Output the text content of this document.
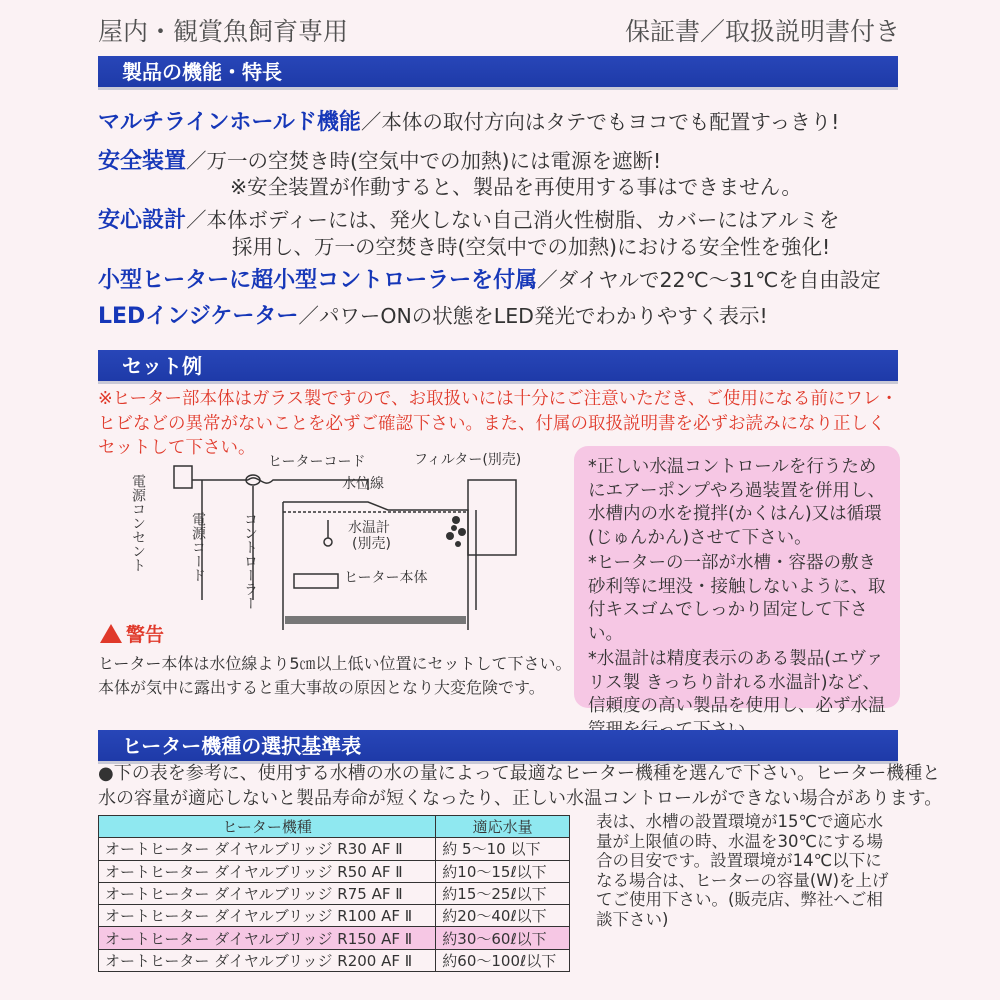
屋内・観賞魚飼育専用	保証書／取扱説明書付き
製品の機能・特長
マルチラインホールド機能／本体の取付方向はタテでもヨコでも配置すっきり!
安全装置／万一の空焚き時(空気中での加熱)には電源を遮断!
※安全装置が作動すると、製品を再使用する事はできません。
安心設計／本体ボディーには、発火しない自己消火性樹脂、カバーにはアルミを
採用し、万一の空焚き時(空気中での加熱)における安全性を強化!
小型ヒーターに超小型コントローラーを付属／ダイヤルで22℃～31℃を自由設定
LEDインジケーター／パワーONの状態をLED発光でわかりやすく表示!
セット例
※ヒーター部本体はガラス製ですので、お取扱いには十分にご注意いただき、ご使用になる前にワレ・ヒビなどの異常がないことを必ずご確認下さい。また、付属の取扱説明書を必ずお読みになり正しくセットして下さい。
電源コンセント	電源コード	コントローラー
ヒーターコード
水位線
水温計
(別売)
ヒーター本体
フィルター(別売)
警告
ヒーター本体は水位線より5㎝以上低い位置にセットして下さい。
本体が気中に露出すると重大事故の原因となり大変危険です。

*正しい水温コントロールを行うためにエアーポンプやろ過装置を併用し、水槽内の水を撹拌(かくはん)又は循環(じゅんかん)させて下さい。

*ヒーターの一部が水槽・容器の敷き砂利等に埋没・接触しないように、取付キスゴムでしっかり固定して下さい。

*水温計は精度表示のある製品(エヴァリス製 きっちり計れる水温計)など、信頼度の高い製品を使用し、必ず水温

ヒーター機種の選択基準表
●下の表を参考に、使用する水槽の水の量によって最適なヒーター機種を選んで下さい。ヒーター機種と
水の容量が適応しないと製品寿命が短くなったり、正しい水温コントロールができない場合があります。
ヒーター機種	適応水量
オートヒーター ダイヤルブリッジ R30 AF Ⅱ	約 5～10 以下
オートヒーター ダイヤルブリッジ R50 AF Ⅱ	約10～15ℓ以下
オートヒーター ダイヤルブリッジ R75 AF Ⅱ	約15～25ℓ以下
オートヒーター ダイヤルブリッジ R100 AF Ⅱ	約20～40ℓ以下
オートヒーター ダイヤルブリッジ R150 AF Ⅱ	約30～60ℓ以下
オートヒーター ダイヤルブリッジ R200 AF Ⅱ	約60～100ℓ以下
表は、水槽の設置環境が15℃で適応水量が上限値の時、水温を30℃にする場合の目安です。設置環境が14℃以下になる場合は、ヒーターの容量(W)を上げてご使用下さい。(販売店、弊社へご相談下さい)
